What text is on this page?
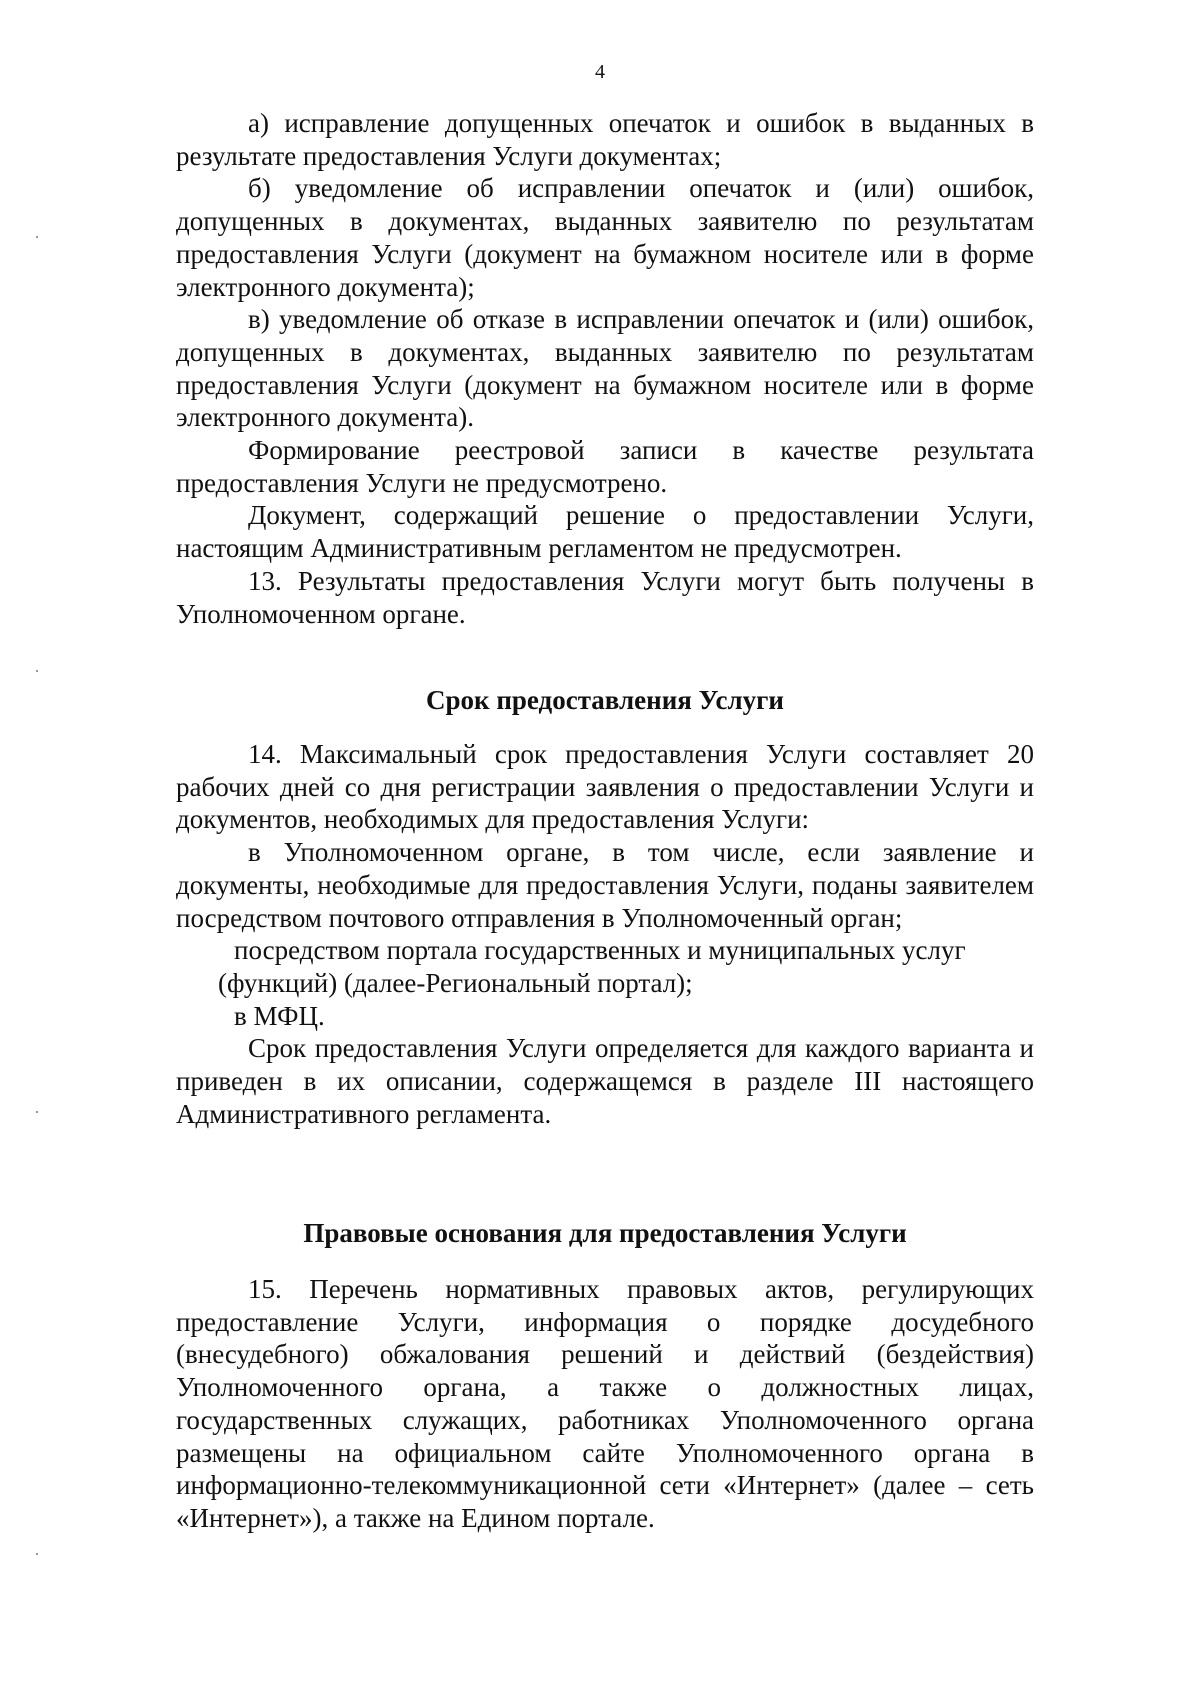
4

а) исправление допущенных опечаток и ошибок в выданных в результате предоставления Услуги документах;

б) уведомление об исправлении опечаток и (или) ошибок, допущенных в документах, выданных заявителю по результатам предоставления Услуги (документ на бумажном носителе или в форме электронного документа);

в) уведомление об отказе в исправлении опечаток и (или) ошибок, допущенных в документах, выданных заявителю по результатам предоставления Услуги (документ на бумажном носителе или в форме электронного документа).

Формирование реестровой записи в качестве результата предоставления Услуги не предусмотрено.

Документ, содержащий решение о предоставлении Услуги, настоящим Административным регламентом не предусмотрен.

13. Результаты предоставления Услуги могут быть получены в Уполномоченном органе.

Срок предоставления Услуги

14. Максимальный срок предоставления Услуги составляет 20 рабочих дней со дня регистрации заявления о предоставлении Услуги и документов, необходимых для предоставления Услуги:

в Уполномоченном органе, в том числе, если заявление и документы, необходимые для предоставления Услуги, поданы заявителем посредством почтового отправления в Уполномоченный орган;

посредством портала государственных и муниципальных услуг (функций) (далее-Региональный портал);

в МФЦ.

Срок предоставления Услуги определяется для каждого варианта и приведен в их описании, содержащемся в разделе III настоящего Административного регламента.

Правовые основания для предоставления Услуги

15. Перечень нормативных правовых актов, регулирующих предоставление Услуги, информация о порядке досудебного (внесудебного) обжалования решений и действий (бездействия) Уполномоченного органа, а также о должностных лицах, государственных служащих, работниках Уполномоченного органа размещены на официальном сайте Уполномоченного органа в информационно-телекоммуникационной сети «Интернет» (далее – сеть «Интернет»), а также на Едином портале.
